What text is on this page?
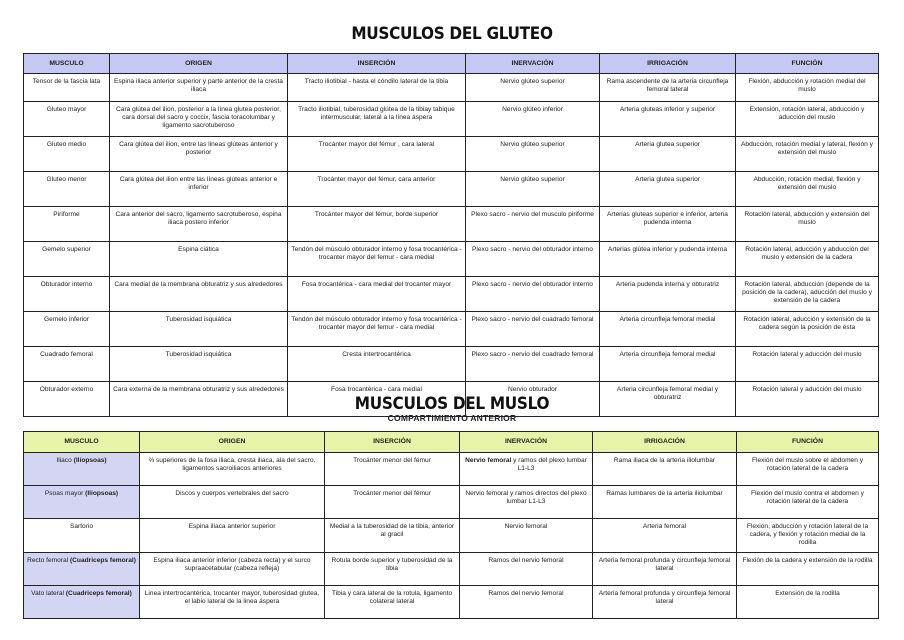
MUSCULOS DEL GLUTEO
MUSCULO	ORIGEN	INSERCIÓN	INERVACIÓN	IRRIGACIÓN	FUNCIÓN
Tensor de la fascia lata	Espina iliaca anterior superior y parte anterior de la cresta iliaca	Tracto iliotibial - hasta el cóndilo lateral de la tibia	Nervio glúteo superior	Rama ascendente de la arteria circunfleja femoral lateral	Flexión, abducción y rotación medial del muslo
Gluteo mayor	Cara glútea del ilion, posterior a la línea glutea posterior, cara dorsal del sacro y coccix, fascia toracolumbar y ligamento sacrotuberoso	Tracto iliotibial, tuberosidad glútea de la tibiay tabique intermuscular, lateral a la línea áspera	Nervio glúteo inferior	Arteria gluteas inferior y superior	Extensión, rotación lateral, abducción y aducción del muslo
Gluteo medio	Cara glútea del ilion, entre las lineas glúteas anterior y posterior	Trocánter mayor del fémur , cara lateral	Nervio glúteo superior	Arteria glutea superior	Abducción, rotación medial y lateral, flexión y extensión del muslo
Gluteo menor	Cara glútea del ilion entre las líneas glúteas anterior e inferior	Trocánter mayor del fémur, cara anterior	Nervio glúteo superior	Arteria glutea superior	Abducción, rotación medial, flexión y extensión del muslo
Piriforme	Cara anterior del sacro, ligamento sacrotuberoso, espina iliaca postero inferior	Trocánter mayor del fémur, borde superior	Plexo sacro - nervio del musculo piriforme	Arterias gluteas superior e inferior, arteria pudenda interna	Rotación lateral, abducción y extensión del muslo
Gemelo superior	Espina ciática	Tendón del músculo obturador interno y fosa trocantérica - trocanter mayor del femur - cara medial	Plexo sacro - nervio del obturador interno	Arterias glútea inferior y pudenda interna	Rotación lateral, aducción y abducción del muslo y extensión de la cadera
Obturador interno	Cara medial de la membrana obturatriz y sus alrededores	Fosa trocantérica - cara medial del trocanter mayor	Plexo sacro - nervio del obturador interno	Arteria pudenda interna y obturatriz	Rotación lateral, abducción (depende de la posición de la cadera), aducción del muslo y extensión de la cadera
Gemelo inferior	Tuberosidad isquiática	Tendón del músculo obturador interno y fosa trocantérica - trocanter mayor del femur - cara medial	Plexo sacro - nervio del cuadrado femoral	Arteria circunfleja femoral medial	Rotación lateral, aducción y extensión de la cadera según la posición de ésta
Cuadrado femoral	Tuberosidad isquiática	Cresta intertrocantérica	Plexo sacro - nervio del cuadrado femoral	Arteria circunfleja femoral medial	Rotación lateral y aducción del muslo
Obturador externo	Cara externa de la membrana obturatriz y sus alrededores	Fosa trocantérica - cara medial	Nervio obturador	Arteria circunfleja femoral medial y obturatriz	Rotación lateral y aducción del muslo
MUSCULOS DEL MUSLO
COMPARTIMIENTO ANTERIOR
MUSCULO	ORIGEN	INSERCIÓN	INERVACIÓN	IRRIGACIÓN	FUNCIÓN
Iliaco (Iliopsoas)	⅔ superiores de la fosa iliaca, cresta iliaca, ala del sacro, ligamentos sacroiliacos anteriores	Trocánter menor del fémur	Nervio femoral y ramos del plexo lumbar L1-L3	Rama iliaca de la arteria iliolumbar	Flexión del muslo sobre el abdomen y rotación lateral de la cadera
Psoas mayor (Iliopsoas)	Discos y cuerpos vertebrales del sacro	Trocánter menor del fémur	Nervio femoral y ramos directos del plexo lumbar L1-L3	Ramas lumbares de la arteria iliolumbar	Flexión del muslo contra el abdomen y rotación lateral de la cadera
Sartorio	Espina iliaca anterior superior	Medial a la tuberosidad de la tibia, anterior al gracil	Nervio femoral	Arteria femoral	Flexión, abducción y rotación lateral de la cadera, y flexión y rotación medial de la rodilla
Recto femoral (Cuadriceps femoral)	Espina iliaca anterior inferior (cabeza recta) y el surco supraacetabular (cabeza refleja)	Rotula borde superior y tuberosidad de la tibia	Ramos del nervio femoral	Arteria femoral profunda y circunfleja femoral lateral	Flexión de la cadera y extensión de la rodilla
Vato lateral (Cuadriceps femoral)	Linea intertrocantérica, trocanter mayor, tuberosidad glutea, el labio lateral de la linea áspera	Tibia y cara lateral de la rotula, ligamento colateral lateral	Ramos del nervio femoral	Arteria femoral profunda y circunfleja femoral lateral	Extensión de la rodilla
